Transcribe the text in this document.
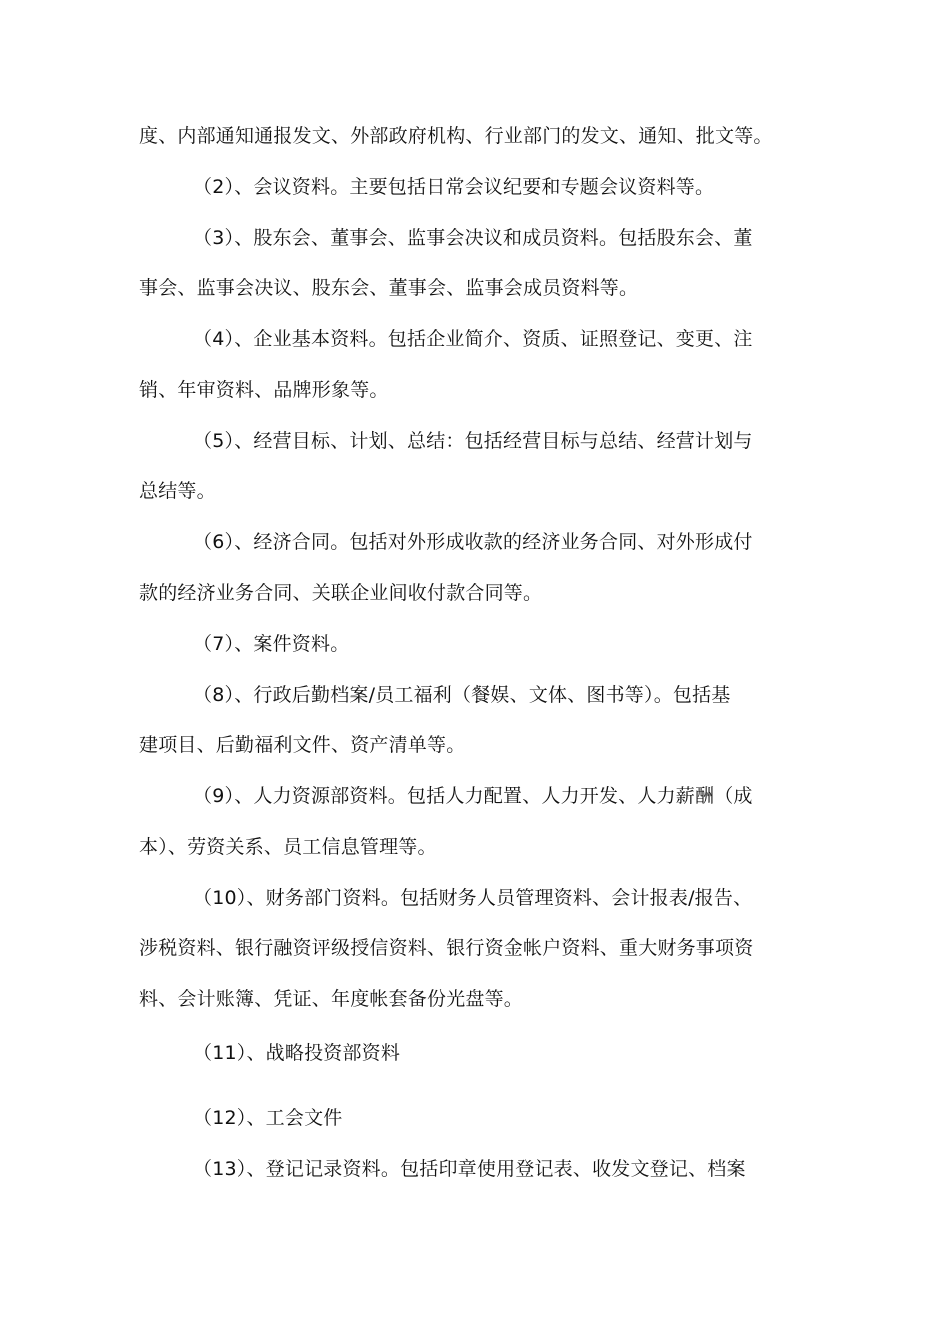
度、内部通知通报发文、外部政府机构、行业部门的发文、通知、批文等。
（2）、会议资料。主要包括日常会议纪要和专题会议资料等。
（3）、股东会、董事会、监事会决议和成员资料。包括股东会、董
事会、监事会决议、股东会、董事会、监事会成员资料等。
（4）、企业基本资料。包括企业简介、资质、证照登记、变更、注
销、年审资料、品牌形象等。
（5）、经营目标、计划、总结：包括经营目标与总结、经营计划与
总结等。
（6）、经济合同。包括对外形成收款的经济业务合同、对外形成付
款的经济业务合同、关联企业间收付款合同等。
（7）、案件资料。
（8）、行政后勤档案/员工福利（餐娱、文体、图书等）。包括基
建项目、后勤福利文件、资产清单等。
（9）、人力资源部资料。包括人力配置、人力开发、人力薪酬（成
本）、劳资关系、员工信息管理等。
（10）、财务部门资料。包括财务人员管理资料、会计报表/报告、
涉税资料、银行融资评级授信资料、银行资金帐户资料、重大财务事项资
料、会计账簿、凭证、年度帐套备份光盘等。
（11）、战略投资部资料
（12）、工会文件
（13）、登记记录资料。包括印章使用登记表、收发文登记、档案
